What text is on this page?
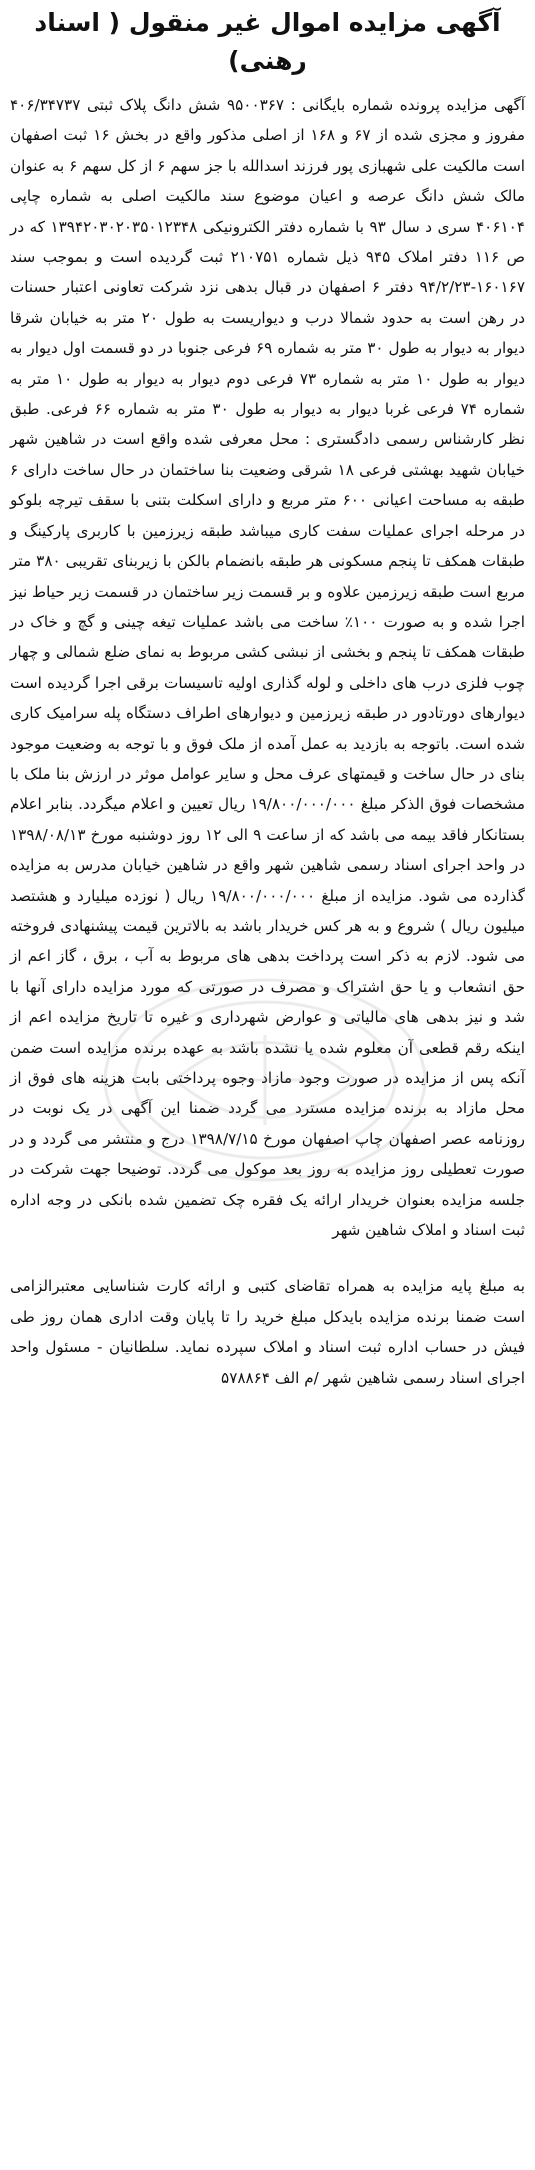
آگهی مزایده اموال غیر منقول ( اسناد رهنی)

آگهی مزایده پرونده شماره بایگانی : ۹۵۰۰۳۶۷ شش دانگ پلاک ثبتی ۴۰۶/۳۴۷۳۷ مفروز و مجزی شده از ۶۷ و ۱۶۸ از اصلی مذکور واقع در بخش ۱۶ ثبت اصفهان است مالکیت علی شهبازی پور فرزند اسدالله با جز سهم ۶ از کل سهم ۶ به عنوان مالک شش دانگ عرصه و اعیان موضوع سند مالکیت اصلی به شماره چاپی ۴۰۶۱۰۴ سری د سال ۹۳ با شماره دفتر الکترونیکی ۱۳۹۴۲۰۳۰۲۰۳۵۰۱۲۳۴۸ که در ص ۱۱۶ دفتر املاک ۹۴۵ ذیل شماره ۲۱۰۷۵۱ ثبت گردیده است و بموجب سند ۱۶۰۱۶۷-۹۴/۲/۲۳ دفتر ۶ اصفهان در قبال بدهی نزد شرکت تعاونی اعتبار حسنات در رهن است به حدود شمالا درب و دیواریست به طول ۲۰ متر به خیابان شرقا دیوار به دیوار به طول ۳۰ متر به شماره ۶۹ فرعی جنوبا در دو قسمت اول دیوار به دیوار به طول ۱۰ متر به شماره ۷۳ فرعی دوم دیوار به دیوار به طول ۱۰ متر به شماره ۷۴ فرعی غربا دیوار به دیوار به طول ۳۰ متر به شماره ۶۶ فرعی. طبق نظر کارشناس رسمی دادگستری : محل معرفی شده واقع است در شاهین شهر خیابان شهید بهشتی فرعی ۱۸ شرقی وضعیت بنا ساختمان در حال ساخت دارای ۶ طبقه به مساحت اعیانی ۶۰۰ متر مربع و دارای اسکلت بتنی با سقف تیرچه بلوکو در مرحله اجرای عملیات سفت کاری میباشد طبقه زیرزمین با کاربری پارکینگ و طبقات همکف تا پنجم مسکونی هر طبقه بانضمام بالکن با زیربنای تقریبی ۳۸۰ متر مربع است طبقه زیرزمین علاوه و بر قسمت زیر ساختمان در قسمت زیر حیاط نیز اجرا شده و به صورت ۱۰۰٪ ساخت می باشد عملیات تیغه چینی و گچ و خاک در طبقات همکف تا پنجم و بخشی از نبشی کشی مربوط به نمای ضلع شمالی و چهار چوب فلزی درب های داخلی و لوله گذاری اولیه تاسیسات برقی اجرا گردیده است دیوارهای دورتادور در طبقه زیرزمین و دیوارهای اطراف دستگاه پله سرامیک کاری شده است. باتوجه به بازدید به عمل آمده از ملک فوق و با توجه به وضعیت موجود بنای در حال ساخت و قیمتهای عرف محل و سایر عوامل موثر در ارزش بنا ملک با مشخصات فوق الذکر مبلغ ۱۹/۸۰۰/۰۰۰/۰۰۰ ریال تعیین و اعلام میگردد. بنابر اعلام بستانکار فاقد بیمه می باشد که از ساعت ۹ الی ۱۲ روز دوشنبه مورخ ۱۳۹۸/۰۸/۱۳ در واحد اجرای اسناد رسمی شاهین شهر واقع در شاهین خیابان مدرس به مزایده گذارده می شود. مزایده از مبلغ ۱۹/۸۰۰/۰۰۰/۰۰۰ ریال ( نوزده میلیارد و هشتصد میلیون ریال ) شروع و به هر کس خریدار باشد به بالاترین قیمت پیشنهادی فروخته می شود. لازم به ذکر است پرداخت بدهی های مربوط به آب ، برق ، گاز اعم از حق انشعاب و یا حق اشتراک و مصرف در صورتی که مورد مزایده دارای آنها با شد و نیز بدهی های مالیاتی و عوارض شهرداری و غیره تا تاریخ مزایده اعم از اینکه رقم قطعی آن معلوم شده یا نشده باشد به عهده برنده مزایده است ضمن آنکه پس از مزایده در صورت وجود مازاد وجوه پرداختی بابت هزینه های فوق از محل مازاد به برنده مزایده مسترد می گردد ضمنا این آگهی در یک نوبت در روزنامه عصر اصفهان چاپ اصفهان مورخ ۱۳۹۸/۷/۱۵ درج و منتشر می گردد و در صورت تعطیلی روز مزایده به روز بعد موکول می گردد. توضیحا جهت شرکت در جلسه مزایده بعنوان خریدار ارائه یک فقره چک تضمین شده بانکی در وجه اداره ثبت اسناد و املاک شاهین شهر

به مبلغ پایه مزایده به همراه تقاضای کتبی و ارائه کارت شناسایی معتبرالزامی است ضمنا برنده مزایده بایدکل مبلغ خرید را تا پایان وقت اداری همان روز طی فیش در حساب اداره ثبت اسناد و املاک سپرده نماید. سلطانیان - مسئول واحد اجرای اسناد رسمی شاهین شهر /م الف ۵۷۸۸۶۴
